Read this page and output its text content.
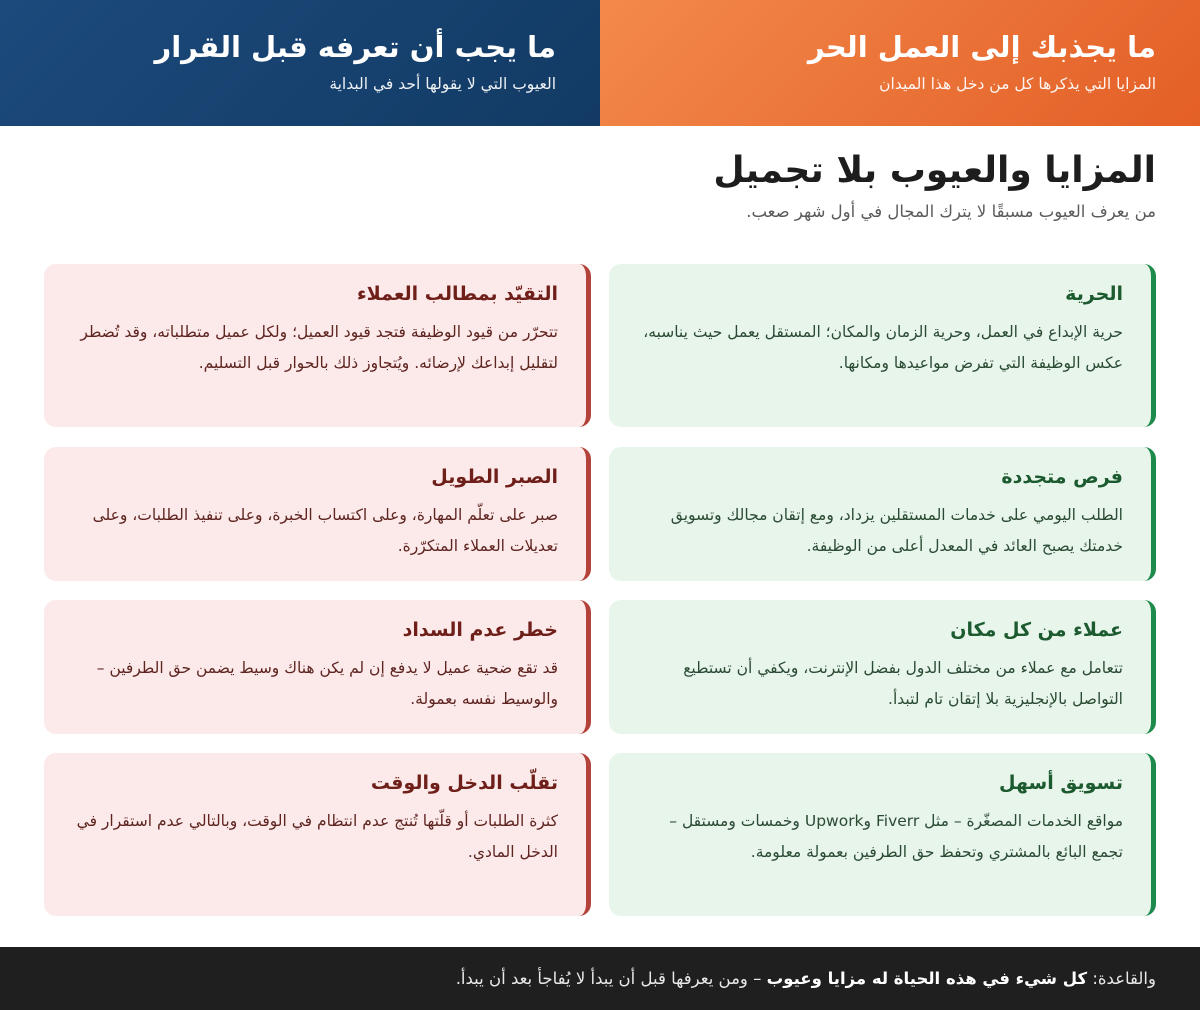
ما يجذبك إلى العمل الحر

المزايا التي يذكرها كل من دخل هذا الميدان

ما يجب أن تعرفه قبل القرار

العيوب التي لا يقولها أحد في البداية

المزايا والعيوب بلا تجميل

من يعرف العيوب مسبقًا لا يترك المجال في أول شهر صعب.

الحرية

حرية الإبداع في العمل، وحرية الزمان والمكان؛ المستقل يعمل حيث يناسبه، عكس الوظيفة التي تفرض مواعيدها ومكانها.

التقيّد بمطالب العملاء

تتحرّر من قيود الوظيفة فتجد قيود العميل؛ ولكل عميل متطلباته، وقد تُضطر لتقليل إبداعك لإرضائه. ويُتجاوز ذلك بالحوار قبل التسليم.

فرص متجددة

الطلب اليومي على خدمات المستقلين يزداد، ومع إتقان مجالك وتسويق خدمتك يصبح العائد في المعدل أعلى من الوظيفة.

الصبر الطويل

صبر على تعلّم المهارة، وعلى اكتساب الخبرة، وعلى تنفيذ الطلبات، وعلى تعديلات العملاء المتكرّرة.

عملاء من كل مكان

تتعامل مع عملاء من مختلف الدول بفضل الإنترنت، ويكفي أن تستطيع التواصل بالإنجليزية بلا إتقان تام لتبدأ.

خطر عدم السداد

قد تقع ضحية عميل لا يدفع إن لم يكن هناك وسيط يضمن حق الطرفين – والوسيط نفسه بعمولة.

تسويق أسهل

مواقع الخدمات المصغّرة – مثل Fiverr وUpwork وخمسات ومستقل – تجمع البائع بالمشتري وتحفظ حق الطرفين بعمولة معلومة.

تقلّب الدخل والوقت

كثرة الطلبات أو قلّتها تُنتج عدم انتظام في الوقت، وبالتالي عدم استقرار في الدخل المادي.

والقاعدة: كل شيء في هذه الحياة له مزايا وعيوب – ومن يعرفها قبل أن يبدأ لا يُفاجأ بعد أن يبدأ.
